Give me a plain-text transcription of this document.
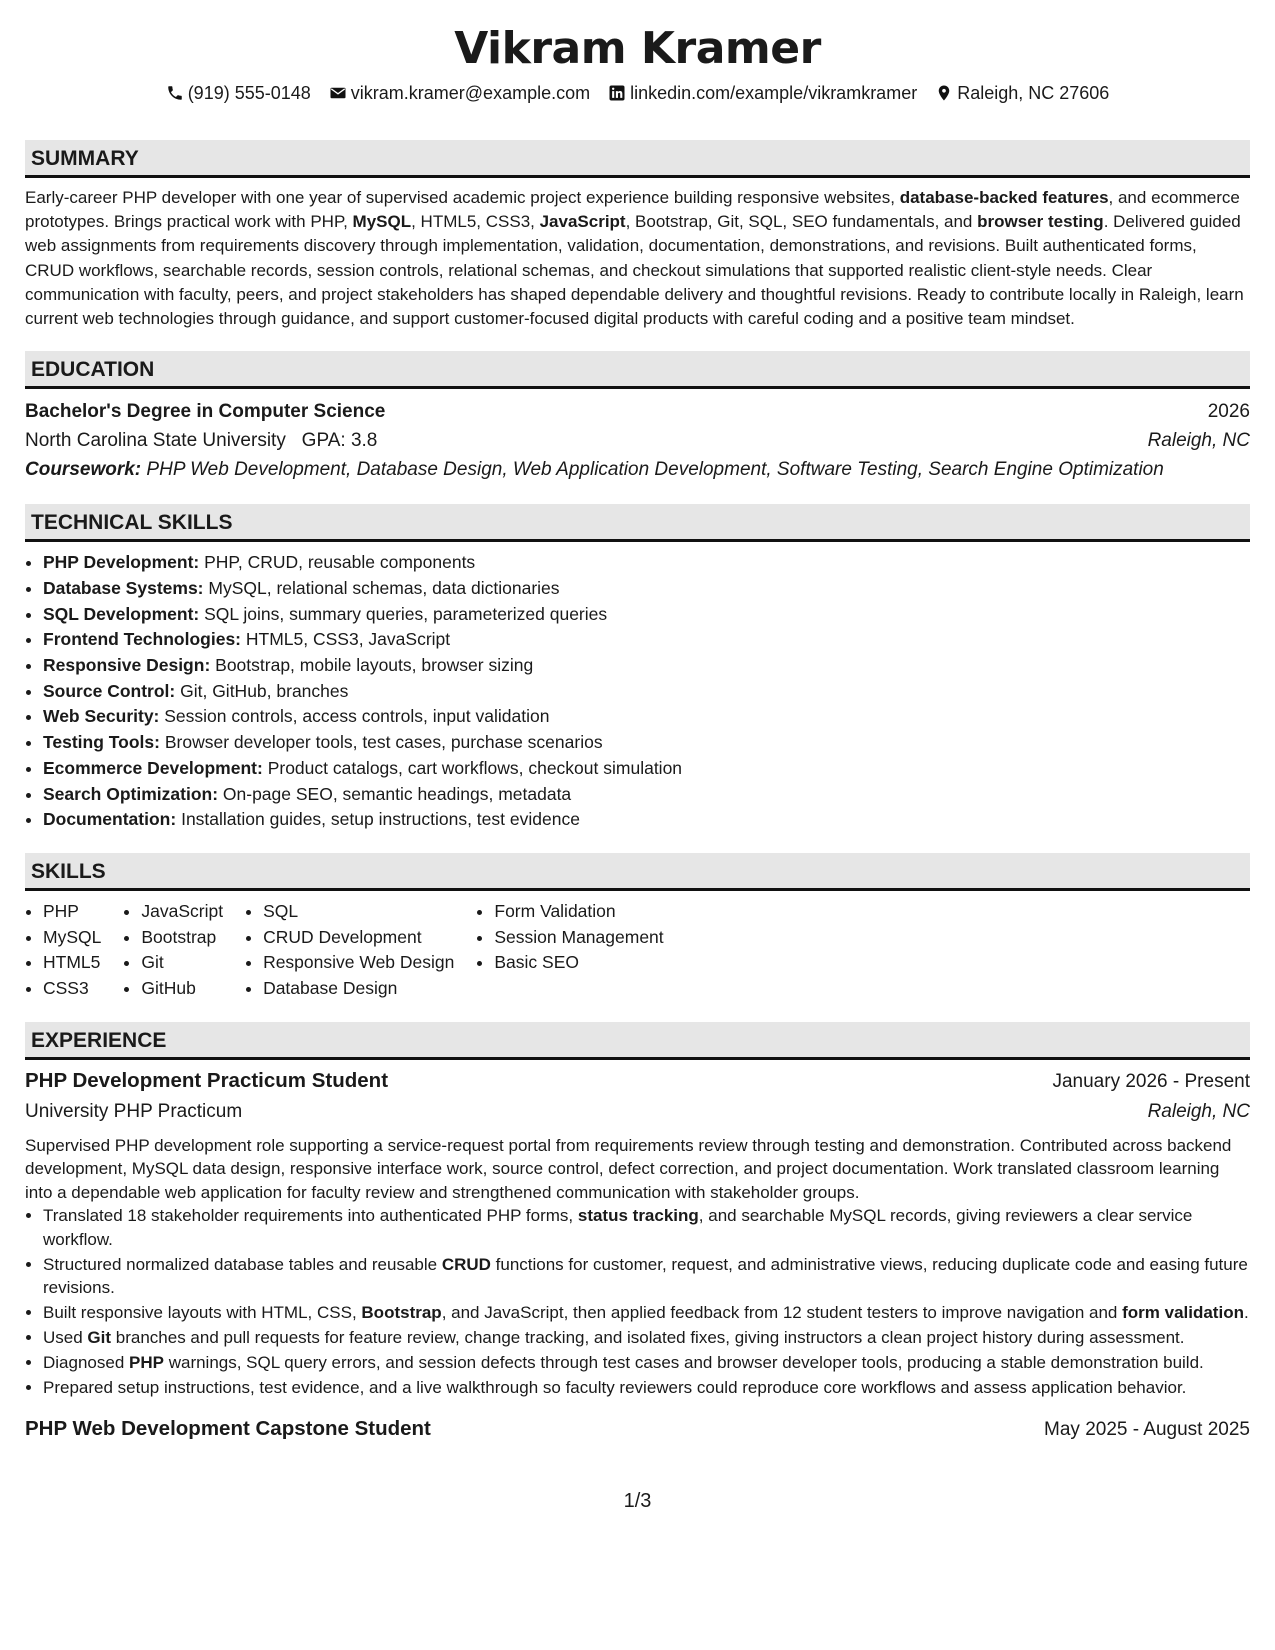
Vikram Kramer
(919) 555-0148 vikram.kramer@example.com linkedin.com/example/vikramkramer Raleigh, NC 27606
SUMMARY

Early-career PHP developer with one year of supervised academic project experience building responsive websites, database-backed features, and ecommerce prototypes. Brings practical work with PHP, MySQL, HTML5, CSS3, JavaScript, Bootstrap, Git, SQL, SEO fundamentals, and browser testing. Delivered guided web assignments from requirements discovery through implementation, validation, documentation, demonstrations, and revisions. Built authenticated forms, CRUD workflows, searchable records, session controls, relational schemas, and checkout simulations that supported realistic client-style needs. Clear communication with faculty, peers, and project stakeholders has shaped dependable delivery and thoughtful revisions. Ready to contribute locally in Raleigh, learn current web technologies through guidance, and support customer-focused digital products with careful coding and a positive team mindset.

EDUCATION
Bachelor's Degree in Computer Science	2026
North Carolina State University GPA: 3.8	Raleigh, NC
Coursework: PHP Web Development, Database Design, Web Application Development, Software Testing, Search Engine Optimization
TECHNICAL SKILLS
• PHP Development: PHP, CRUD, reusable components
• Database Systems: MySQL, relational schemas, data dictionaries
• SQL Development: SQL joins, summary queries, parameterized queries
• Frontend Technologies: HTML5, CSS3, JavaScript
• Responsive Design: Bootstrap, mobile layouts, browser sizing
• Source Control: Git, GitHub, branches
• Web Security: Session controls, access controls, input validation
• Testing Tools: Browser developer tools, test cases, purchase scenarios
• Ecommerce Development: Product catalogs, cart workflows, checkout simulation
• Search Optimization: On-page SEO, semantic headings, metadata
• Documentation: Installation guides, setup instructions, test evidence
SKILLS
• PHP
• MySQL
• HTML5
• CSS3
• JavaScript
• Bootstrap
• Git
• GitHub
• SQL
• CRUD Development
• Responsive Web Design
• Database Design
• Form Validation
• Session Management
• Basic SEO
EXPERIENCE
PHP Development Practicum Student	January 2026 - Present
University PHP Practicum	Raleigh, NC
Supervised PHP development role supporting a service-request portal from requirements review through testing and demonstration. Contributed across backend development, MySQL data design, responsive interface work, source control, defect correction, and project documentation. Work translated classroom learning into a dependable web application for faculty review and strengthened communication with stakeholder groups.
• Translated 18 stakeholder requirements into authenticated PHP forms, status tracking, and searchable MySQL records, giving reviewers a clear service workflow.
• Structured normalized database tables and reusable CRUD functions for customer, request, and administrative views, reducing duplicate code and easing future revisions.
• Built responsive layouts with HTML, CSS, Bootstrap, and JavaScript, then applied feedback from 12 student testers to improve navigation and form validation.
• Used Git branches and pull requests for feature review, change tracking, and isolated fixes, giving instructors a clean project history during assessment.
• Diagnosed PHP warnings, SQL query errors, and session defects through test cases and browser developer tools, producing a stable demonstration build.
• Prepared setup instructions, test evidence, and a live walkthrough so faculty reviewers could reproduce core workflows and assess application behavior.
PHP Web Development Capstone Student	May 2025 - August 2025
1/3
